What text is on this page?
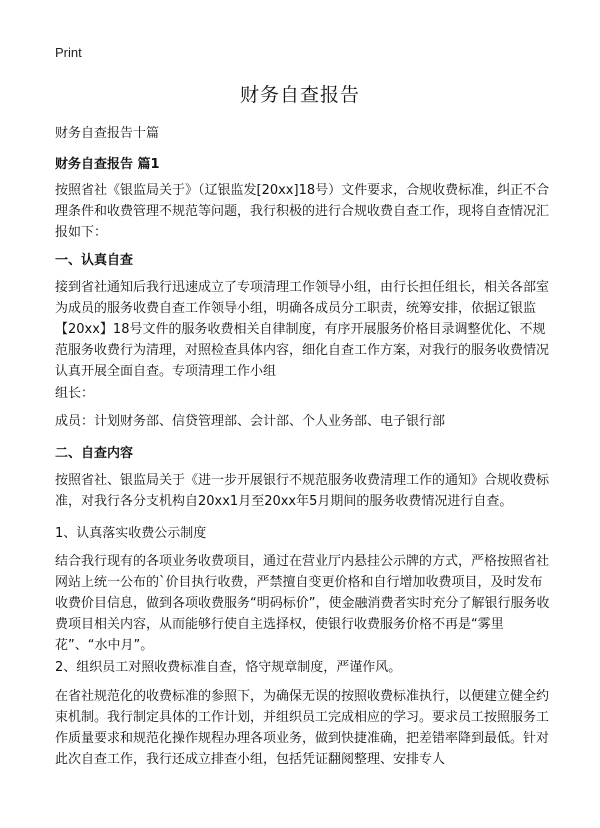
Print
财务自查报告
财务自查报告十篇
财务自查报告 篇1
按照省社《银监局关于》（辽银监发[20xx]18号）文件要求，合规收费标准，纠正不合理条件和收费管理不规范等问题，我行积极的进行合规收费自查工作，现将自查情况汇报如下：
一、认真自查
接到省社通知后我行迅速成立了专项清理工作领导小组，由行长担任组长，相关各部室为成员的服务收费自查工作领导小组，明确各成员分工职责，统筹安排，依据辽银监【20xx】18号文件的服务收费相关自律制度，有序开展服务价格目录调整优化、不规范服务收费行为清理，对照检查具体内容，细化自查工作方案，对我行的服务收费情况认真开展全面自查。专项清理工作小组
组长：
成员：计划财务部、信贷管理部、会计部、个人业务部、电子银行部
二、自查内容
按照省社、银监局关于《进一步开展银行不规范服务收费清理工作的通知》合规收费标准，对我行各分支机构自20xx1月至20xx年5月期间的服务收费情况进行自查。
1、认真落实收费公示制度
结合我行现有的各项业务收费项目，通过在营业厅内悬挂公示牌的方式，严格按照省社网站上统一公布的`价目执行收费，严禁擅自变更价格和自行增加收费项目，及时发布收费价目信息，做到各项收费服务“明码标价”，使金融消费者实时充分了解银行服务收费项目相关内容，从而能够行使自主选择权，使银行收费服务价格不再是“雾里花”、“水中月”。
2、组织员工对照收费标准自查，恪守规章制度，严谨作风。
在省社规范化的收费标准的参照下，为确保无误的按照收费标准执行，以便建立健全约束机制。我行制定具体的工作计划，并组织员工完成相应的学习。要求员工按照服务工作质量要求和规范化操作规程办理各项业务，做到快捷准确，把差错率降到最低。针对此次自查工作，我行还成立排查小组，包括凭证翻阅整理、安排专人
